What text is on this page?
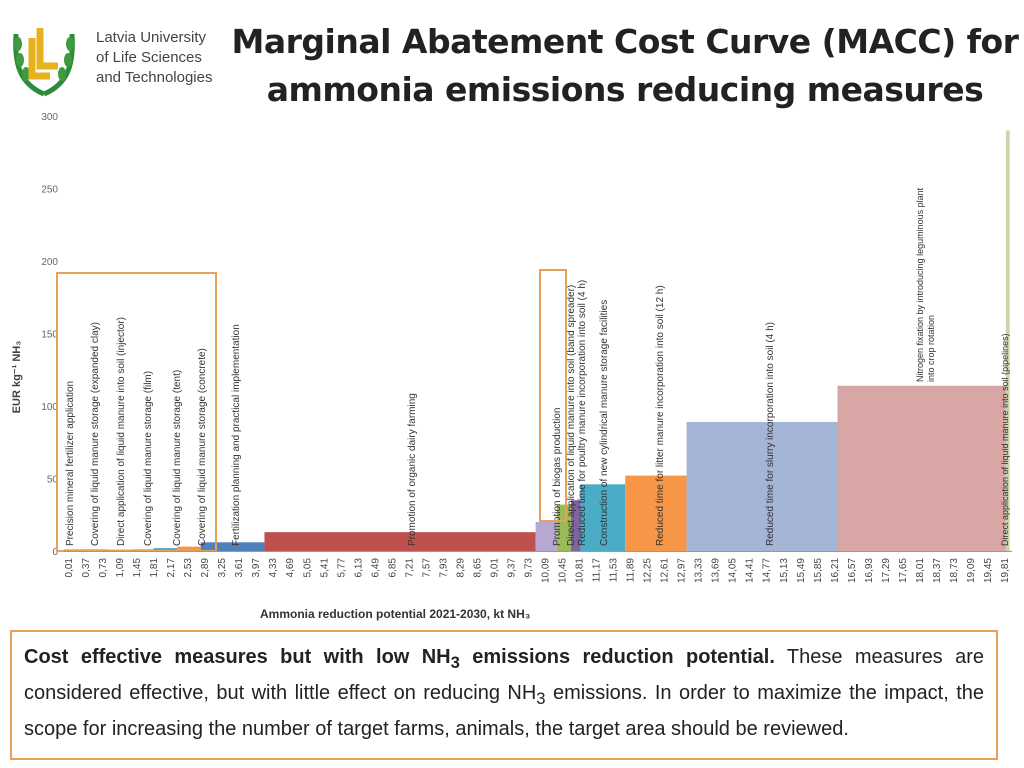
Latvia University
of Life Sciences
and Technologies
Marginal Abatement Cost Curve (MACC) for
ammonia emissions reducing measures
0
50
100
150
200
250
300
Precision mineral fertilizer application Covering of liquid manure storage (expanded clay) Direct application of liquid manure into soil (injector) Covering of liquid manure storage (film) Covering of liquid manure storage (tent) Covering of liquid manure storage (concrete) Fertilization planning and practical implementation	Promotion of organic dairy farming	Promotion of biogas production Direct application of liquid manure into soil (band spreader) Reduced time for poultry manure incorporation into soil (4 h) Construction of new cylindrical manure storage facilities	Reduced time for litter manure incorporation into soil (12 h)	Reduced time for slurry incorporation into soil (4 h)
Nitrogen fixation by introducing leguminous plantinto crop rotation	Direct application of liquid manure into soil (pipelines)
0,01 0,37 0,73 1,09 1,45 1,81 2,17 2,53 2,89 3,25 3,61 3,97 4,33 4,69 5,05 5,41 5,77 6,13 6,49 6,85 7,21 7,57 7,93 8,29 8,65 9,01 9,37 9,73 10,09 10,45 10,81 11,17 11,53 11,89 12,25 12,61 12,97 13,33 13,69 14,05 14,41 14,77 15,13 15,49 15,85 16,21 16,57 16,93 17,29 17,65 18,01 18,37 18,73 19,09 19,45 19,81
EUR kg⁻¹ NH₃
Ammonia reduction potential 2021-2030, kt NH₃
Cost effective measures but with low $NH_3$ emissions reduction potential. These measures are considered effective, but with little effect on reducing $NH_3$ emissions. In order to maximize the impact, the scope for increasing the number of target farms, animals, the target area should be reviewed.
